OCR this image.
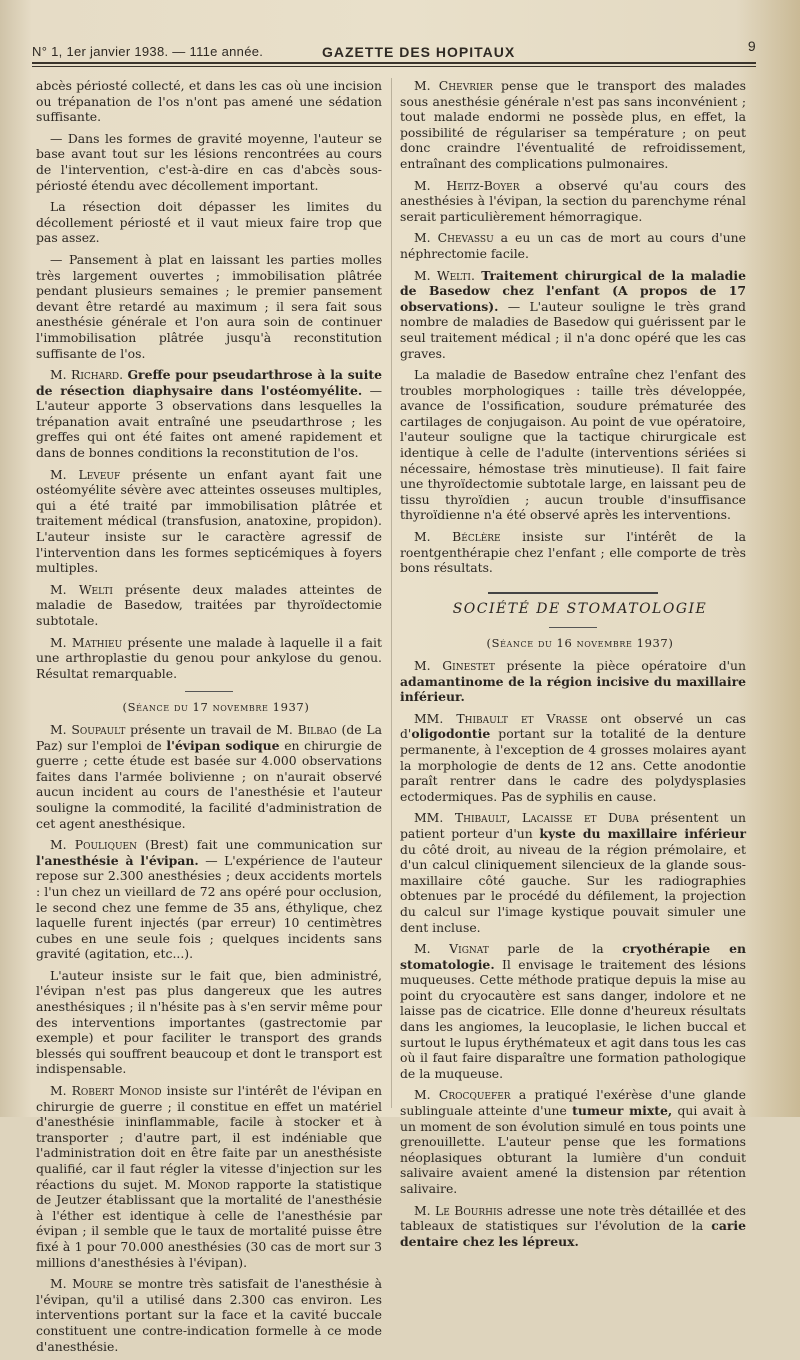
N° 1, 1er janvier 1938. — 111e année.	GAZETTE DES HOPITAUX	9

abcès périosté collecté, et dans les cas où une incision ou trépanation de l'os n'ont pas amené une sédation suffisante.

— Dans les formes de gravité moyenne, l'auteur se base avant tout sur les lésions rencontrées au cours de l'intervention, c'est-à-dire en cas d'abcès sous-périosté étendu avec décollement important.

La résection doit dépasser les limites du décollement périosté et il vaut mieux faire trop que pas assez.

— Pansement à plat en laissant les parties molles très largement ouvertes ; immobilisation plâtrée pendant plusieurs semaines ; le premier pansement devant être retardé au maximum ; il sera fait sous anesthésie générale et l'on aura soin de continuer l'immobilisation plâtrée jusqu'à reconstitution suffisante de l'os.

M. Richard. Greffe pour pseudarthrose à la suite de résection diaphysaire dans l'ostéomyélite. — L'auteur apporte 3 observations dans lesquelles la trépanation avait entraîné une pseudarthrose ; les greffes qui ont été faites ont amené rapidement et dans de bonnes conditions la reconstitution de l'os.

M. Leveuf présente un enfant ayant fait une ostéomyélite sévère avec atteintes osseuses multiples, qui a été traité par immobilisation plâtrée et traitement médical (transfusion, anatoxine, propidon). L'auteur insiste sur le caractère agressif de l'intervention dans les formes septicémiques à foyers multiples.

M. Welti présente deux malades atteintes de maladie de Basedow, traitées par thyroïdectomie subtotale.

M. Mathieu présente une malade à laquelle il a fait une arthroplastie du genou pour ankylose du genou. Résultat remarquable.

(Séance du 17 novembre 1937)

M. Soupault présente un travail de M. Bilbao (de La Paz) sur l'emploi de l'évipan sodique en chirurgie de guerre ; cette étude est basée sur 4.000 observations faites dans l'armée bolivienne ; on n'aurait observé aucun incident au cours de l'anesthésie et l'auteur souligne la commodité, la facilité d'administration de cet agent anesthésique.

M. Pouliquen (Brest) fait une communication sur l'anesthésie à l'évipan. — L'expérience de l'auteur repose sur 2.300 anesthésies ; deux accidents mortels : l'un chez un vieillard de 72 ans opéré pour occlusion, le second chez une femme de 35 ans, éthylique, chez laquelle furent injectés (par erreur) 10 centimètres cubes en une seule fois ; quelques incidents sans gravité (agitation, etc...).

L'auteur insiste sur le fait que, bien administré, l'évipan n'est pas plus dangereux que les autres anesthésiques ; il n'hésite pas à s'en servir même pour des interventions importantes (gastrectomie par exemple) et pour faciliter le transport des grands blessés qui souffrent beaucoup et dont le transport est indispensable.

M. Robert Monod insiste sur l'intérêt de l'évipan en chirurgie de guerre ; il constitue en effet un matériel d'anesthésie ininflammable, facile à stocker et à transporter ; d'autre part, il est indéniable que l'administration doit en être faite par un anesthésiste qualifié, car il faut régler la vitesse d'injection sur les réactions du sujet. M. Monod rapporte la statistique de Jeutzer établissant que la mortalité de l'anesthésie à l'éther est identique à celle de l'anesthésie par évipan ; il semble que le taux de mortalité puisse être fixé à 1 pour 70.000 anesthésies (30 cas de mort sur 3 millions d'anesthésies à l'évipan).

M. Moure se montre très satisfait de l'anesthésie à l'évipan, qu'il a utilisé dans 2.300 cas environ. Les interventions portant sur la face et la cavité buccale constituent une contre-indication formelle à ce mode d'anesthésie.

M. Chevrier pense que le transport des malades sous anesthésie générale n'est pas sans inconvénient ; tout malade endormi ne possède plus, en effet, la possibilité de régulariser sa température ; on peut donc craindre l'éventualité de refroidissement, entraînant des complications pulmonaires.

M. Heitz-Boyer a observé qu'au cours des anesthésies à l'évipan, la section du parenchyme rénal serait particulièrement hémorragique.

M. Chevassu a eu un cas de mort au cours d'une néphrectomie facile.

M. Welti. Traitement chirurgical de la maladie de Basedow chez l'enfant (A propos de 17 observations). — L'auteur souligne le très grand nombre de maladies de Basedow qui guérissent par le seul traitement médical ; il n'a donc opéré que les cas graves.

La maladie de Basedow entraîne chez l'enfant des troubles morphologiques : taille très développée, avance de l'ossification, soudure prématurée des cartilages de conjugaison. Au point de vue opératoire, l'auteur souligne que la tactique chirurgicale est identique à celle de l'adulte (interventions sériées si nécessaire, hémostase très minutieuse). Il fait faire une thyroïdectomie subtotale large, en laissant peu de tissu thyroïdien ; aucun trouble d'insuffisance thyroïdienne n'a été observé après les interventions.

M. Béclère insiste sur l'intérêt de la roentgenthérapie chez l'enfant ; elle comporte de très bons résultats.

SOCIÉTÉ DE STOMATOLOGIE

(Séance du 16 novembre 1937)

M. Ginestet présente la pièce opératoire d'un adamantinome de la région incisive du maxillaire inférieur.

MM. Thibault et Vrasse ont observé un cas d'oligodontie portant sur la totalité de la denture permanente, à l'exception de 4 grosses molaires ayant la morphologie de dents de 12 ans. Cette anodontie paraît rentrer dans le cadre des polydysplasies ectodermiques. Pas de syphilis en cause.

MM. Thibault, Lacaisse et Duba présentent un patient porteur d'un kyste du maxillaire inférieur du côté droit, au niveau de la région prémolaire, et d'un calcul cliniquement silencieux de la glande sous-maxillaire côté gauche. Sur les radiographies obtenues par le procédé du défilement, la projection du calcul sur l'image kystique pouvait simuler une dent incluse.

M. Vignat parle de la cryothérapie en stomatologie. Il envisage le traitement des lésions muqueuses. Cette méthode pratique depuis la mise au point du cryocautère est sans danger, indolore et ne laisse pas de cicatrice. Elle donne d'heureux résultats dans les angiomes, la leucoplasie, le lichen buccal et surtout le lupus érythémateux et agit dans tous les cas où il faut faire disparaître une formation pathologique de la muqueuse.

M. Crocquefer a pratiqué l'exérèse d'une glande sublinguale atteinte d'une tumeur mixte, qui avait à un moment de son évolution simulé en tous points une grenouillette. L'auteur pense que les formations néoplasiques obturant la lumière d'un conduit salivaire avaient amené la distension par rétention salivaire.

M. Le Bourhis adresse une note très détaillée et des tableaux de statistiques sur l'évolution de la carie dentaire chez les lépreux.
